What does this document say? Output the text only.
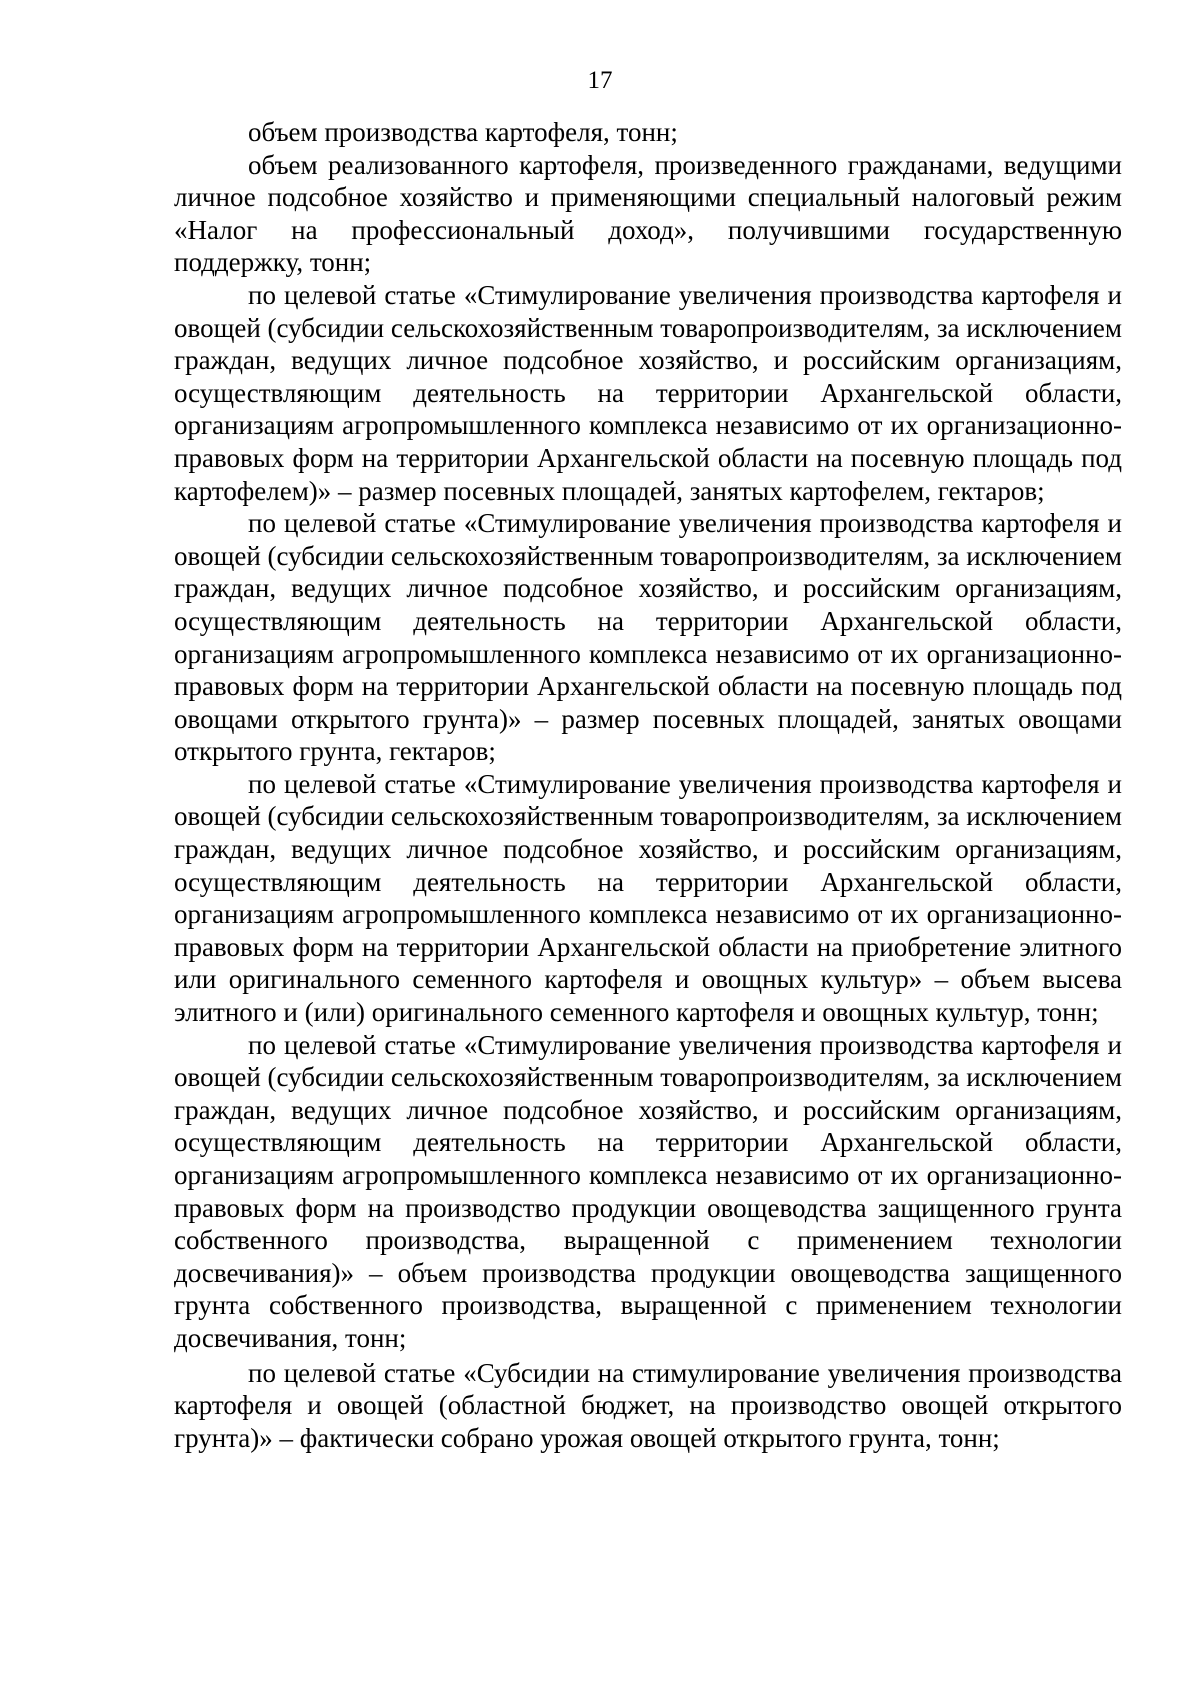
17

объем производства картофеля, тонн;

объем реализованного картофеля, произведенного гражданами, ведущими личное подсобное хозяйство и применяющими специальный налоговый режим «Налог на профессиональный доход», получившими государственную поддержку, тонн;

по целевой статье «Стимулирование увеличения производства картофеля и овощей (субсидии сельскохозяйственным товаропроизводителям, за исключением граждан, ведущих личное подсобное хозяйство, и российским организациям, осуществляющим деятельность на территории Архангельской области, организациям агропромышленного комплекса независимо от их организационно-правовых форм на территории Архангельской области на посевную площадь под картофелем)» – размер посевных площадей, занятых картофелем, гектаров;

по целевой статье «Стимулирование увеличения производства картофеля и овощей (субсидии сельскохозяйственным товаропроизводителям, за исключением граждан, ведущих личное подсобное хозяйство, и российским организациям, осуществляющим деятельность на территории Архангельской области, организациям агропромышленного комплекса независимо от их организационно-правовых форм на территории Архангельской области на посевную площадь под овощами открытого грунта)» – размер посевных площадей, занятых овощами открытого грунта, гектаров;

по целевой статье «Стимулирование увеличения производства картофеля и овощей (субсидии сельскохозяйственным товаропроизводителям, за исключением граждан, ведущих личное подсобное хозяйство, и российским организациям, осуществляющим деятельность на территории Архангельской области, организациям агропромышленного комплекса независимо от их организационно-правовых форм на территории Архангельской области на приобретение элитного или оригинального семенного картофеля и овощных культур» – объем высева элитного и (или) оригинального семенного картофеля и овощных культур, тонн;

по целевой статье «Стимулирование увеличения производства картофеля и овощей (субсидии сельскохозяйственным товаропроизводителям, за исключением граждан, ведущих личное подсобное хозяйство, и российским организациям, осуществляющим деятельность на территории Архангельской области, организациям агропромышленного комплекса независимо от их организационно-правовых форм на производство продукции овощеводства защищенного грунта собственного производства, выращенной с применением технологии досвечивания)» – объем производства продукции овощеводства защищенного грунта собственного производства, выращенной с применением технологии досвечивания, тонн;

по целевой статье «Субсидии на стимулирование увеличения производства картофеля и овощей (областной бюджет, на производство овощей открытого грунта)» – фактически собрано урожая овощей открытого грунта, тонн;
